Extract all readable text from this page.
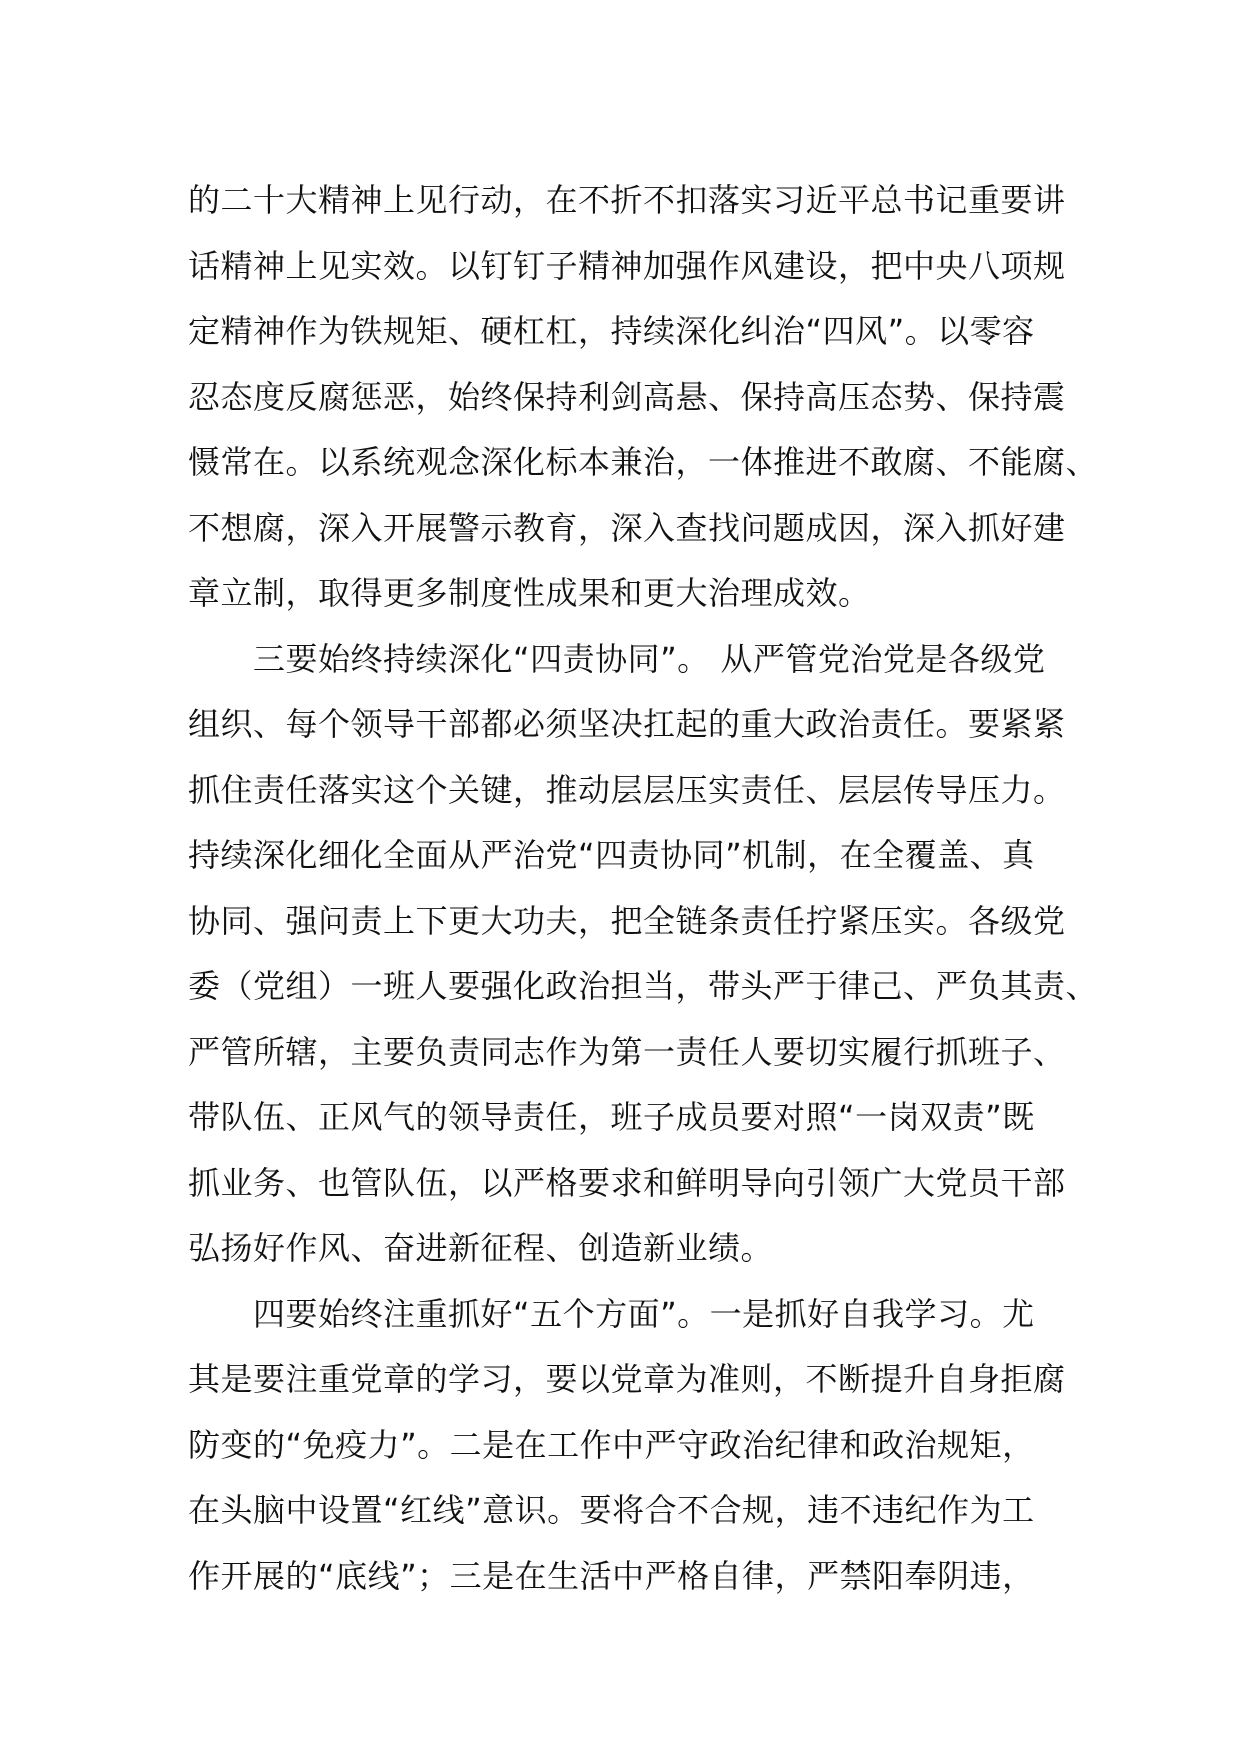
的二十大精神上见行动，在不折不扣落实习近平总书记重要讲
话精神上见实效。以钉钉子精神加强作风建设，把中央八项规
定精神作为铁规矩、硬杠杠，持续深化纠治“四风”。以零容
忍态度反腐惩恶，始终保持利剑高悬、保持高压态势、保持震
慑常在。以系统观念深化标本兼治，一体推进不敢腐、不能腐、
不想腐，深入开展警示教育，深入查找问题成因，深入抓好建
章立制，取得更多制度性成果和更大治理成效。
　　三要始终持续深化“四责协同”。 从严管党治党是各级党
组织、每个领导干部都必须坚决扛起的重大政治责任。要紧紧
抓住责任落实这个关键，推动层层压实责任、层层传导压力。
持续深化细化全面从严治党“四责协同”机制，在全覆盖、真
协同、强问责上下更大功夫，把全链条责任拧紧压实。各级党
委（党组）一班人要强化政治担当，带头严于律己、严负其责、
严管所辖，主要负责同志作为第一责任人要切实履行抓班子、
带队伍、正风气的领导责任，班子成员要对照“一岗双责”既
抓业务、也管队伍，以严格要求和鲜明导向引领广大党员干部
弘扬好作风、奋进新征程、创造新业绩。
　　四要始终注重抓好“五个方面”。一是抓好自我学习。尤
其是要注重党章的学习，要以党章为准则，不断提升自身拒腐
防变的“免疫力”。二是在工作中严守政治纪律和政治规矩，
在头脑中设置“红线”意识。要将合不合规，违不违纪作为工
作开展的“底线”；三是在生活中严格自律，严禁阳奉阴违，
